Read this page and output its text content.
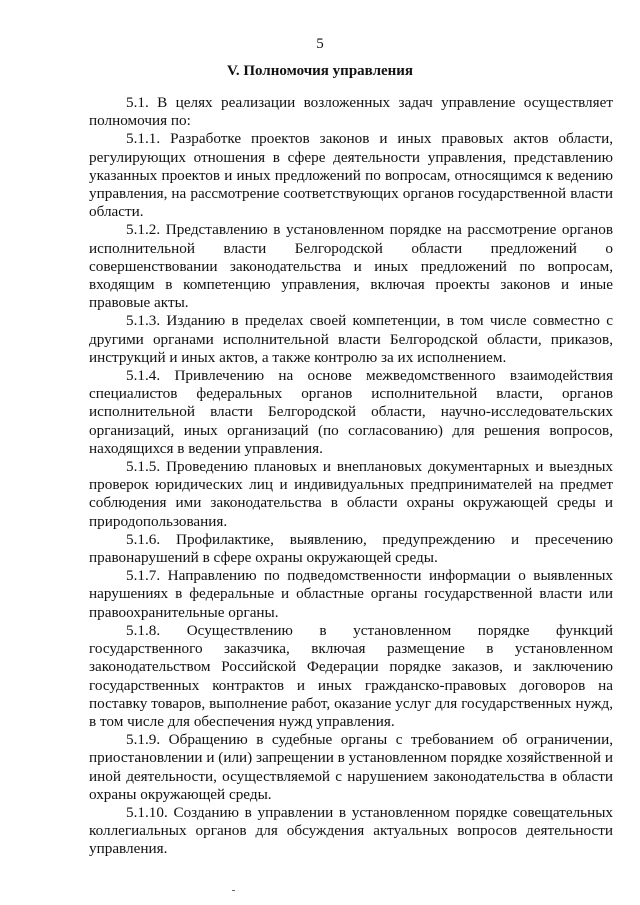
5
V. Полномочия управления

5.1. В целях реализации возложенных задач управление осуществляет полномочия по:

5.1.1. Разработке проектов законов и иных правовых актов области, регулирующих отношения в сфере деятельности управления, представлению указанных проектов и иных предложений по вопросам, относящимся к ведению управления, на рассмотрение соответствующих органов государственной власти области.

5.1.2. Представлению в установленном порядке на рассмотрение органов исполнительной власти Белгородской области предложений о совершенствовании законодательства и иных предложений по вопросам, входящим в компетенцию управления, включая проекты законов и иные правовые акты.

5.1.3. Изданию в пределах своей компетенции, в том числе совместно с другими органами исполнительной власти Белгородской области, приказов, инструкций и иных актов, а также контролю за их исполнением.

5.1.4. Привлечению на основе межведомственного взаимодействия специалистов федеральных органов исполнительной власти, органов исполнительной власти Белгородской области, научно-исследовательских организаций, иных организаций (по согласованию) для решения вопросов, находящихся в ведении управления.

5.1.5. Проведению плановых и внеплановых документарных и выездных проверок юридических лиц и индивидуальных предпринимателей на предмет соблюдения ими законодательства в области охраны окружающей среды и природопользования.

5.1.6. Профилактике, выявлению, предупреждению и пресечению правонарушений в сфере охраны окружающей среды.

5.1.7. Направлению по подведомственности информации о выявленных нарушениях в федеральные и областные органы государственной власти или правоохранительные органы.

5.1.8. Осуществлению в установленном порядке функций государственного заказчика, включая размещение в установленном законодательством Российской Федерации порядке заказов, и заключению государственных контрактов и иных гражданско-правовых договоров на поставку товаров, выполнение работ, оказание услуг для государственных нужд, в том числе для обеспечения нужд управления.

5.1.9. Обращению в судебные органы с требованием об ограничении, приостановлении и (или) запрещении в установленном порядке хозяйственной и иной деятельности, осуществляемой с нарушением законодательства в области охраны окружающей среды.

5.1.10. Созданию в управлении в установленном порядке совещательных коллегиальных органов для обсуждения актуальных вопросов деятельности управления.
